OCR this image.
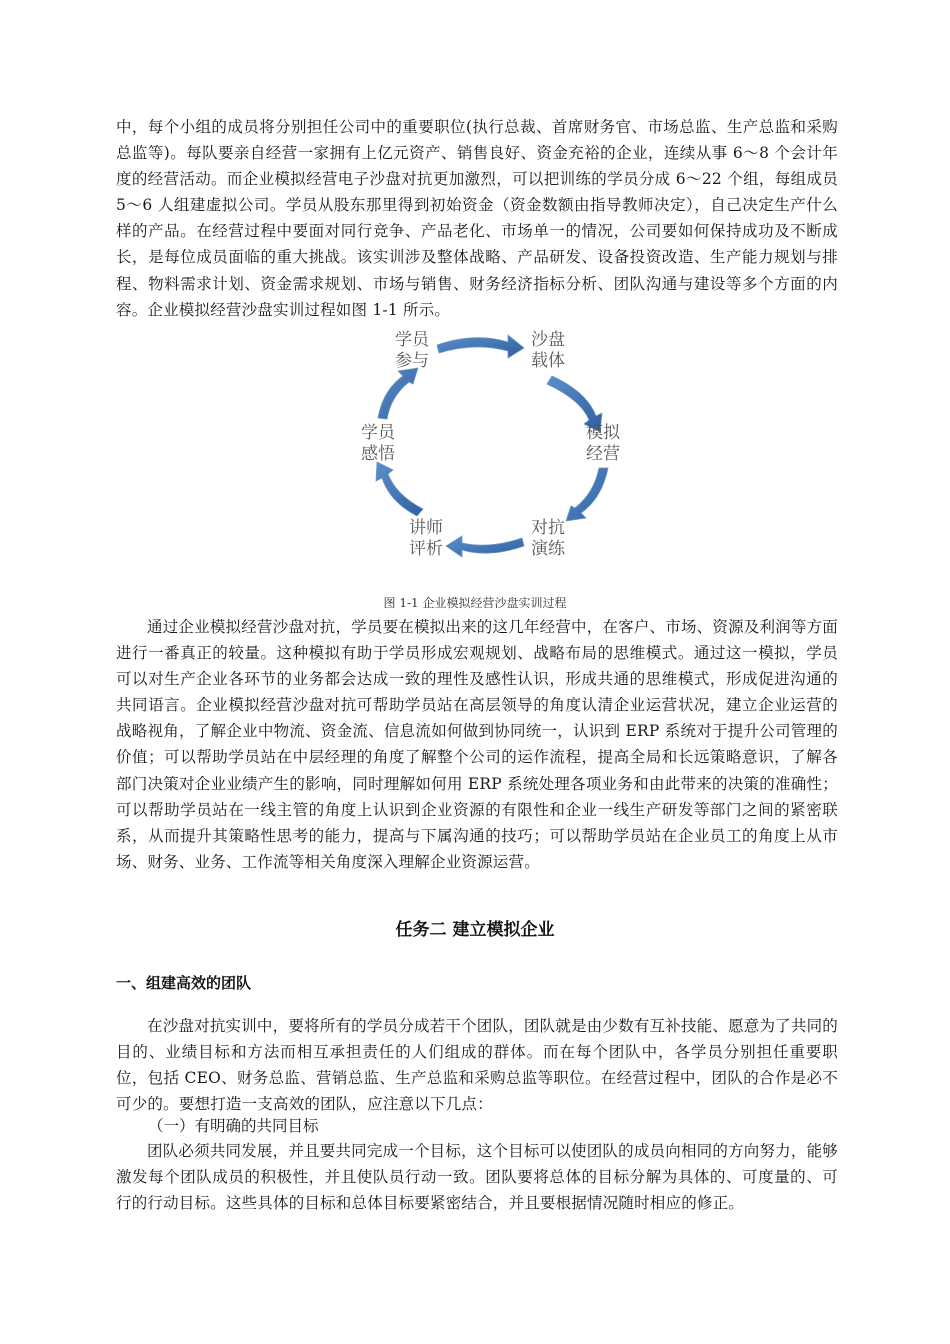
中，每个小组的成员将分别担任公司中的重要职位(执行总裁、首席财务官、市场总监、生产总监和采购总监等)。每队要亲自经营一家拥有上亿元资产、销售良好、资金充裕的企业，连续从事 6～8 个会计年度的经营活动。而企业模拟经营电子沙盘对抗更加激烈，可以把训练的学员分成 6～22 个组，每组成员 5～6 人组建虚拟公司。学员从股东那里得到初始资金（资金数额由指导教师决定），自己决定生产什么样的产品。在经营过程中要面对同行竞争、产品老化、市场单一的情况，公司要如何保持成功及不断成长，是每位成员面临的重大挑战。该实训涉及整体战略、产品研发、设备投资改造、生产能力规划与排程、物料需求计划、资金需求规划、市场与销售、财务经济指标分析、团队沟通与建设等多个方面的内容。企业模拟经营沙盘实训过程如图 1-1 所示。

学员
参与
沙盘
载体
模拟
经营
对抗
演练
讲师
评析
学员
感悟
图 1-1 企业模拟经营沙盘实训过程

通过企业模拟经营沙盘对抗，学员要在模拟出来的这几年经营中，在客户、市场、资源及利润等方面进行一番真正的较量。这种模拟有助于学员形成宏观规划、战略布局的思维模式。通过这一模拟，学员可以对生产企业各环节的业务都会达成一致的理性及感性认识，形成共通的思维模式，形成促进沟通的共同语言。企业模拟经营沙盘对抗可帮助学员站在高层领导的角度认清企业运营状况，建立企业运营的战略视角，了解企业中物流、资金流、信息流如何做到协同统一，认识到 ERP 系统对于提升公司管理的价值；可以帮助学员站在中层经理的角度了解整个公司的运作流程，提高全局和长远策略意识，了解各部门决策对企业业绩产生的影响，同时理解如何用 ERP 系统处理各项业务和由此带来的决策的准确性；可以帮助学员站在一线主管的角度上认识到企业资源的有限性和企业一线生产研发等部门之间的紧密联系，从而提升其策略性思考的能力，提高与下属沟通的技巧；可以帮助学员站在企业员工的角度上从市场、财务、业务、工作流等相关角度深入理解企业资源运营。

任务二 建立模拟企业
一、组建高效的团队

在沙盘对抗实训中，要将所有的学员分成若干个团队，团队就是由少数有互补技能、愿意为了共同的目的、业绩目标和方法而相互承担责任的人们组成的群体。而在每个团队中，各学员分别担任重要职位，包括 CEO、财务总监、营销总监、生产总监和采购总监等职位。在经营过程中，团队的合作是必不可少的。要想打造一支高效的团队，应注意以下几点：

（一）有明确的共同目标

团队必须共同发展，并且要共同完成一个目标，这个目标可以使团队的成员向相同的方向努力，能够激发每个团队成员的积极性，并且使队员行动一致。团队要将总体的目标分解为具体的、可度量的、可行的行动目标。这些具体的目标和总体目标要紧密结合，并且要根据情况随时相应的修正。
